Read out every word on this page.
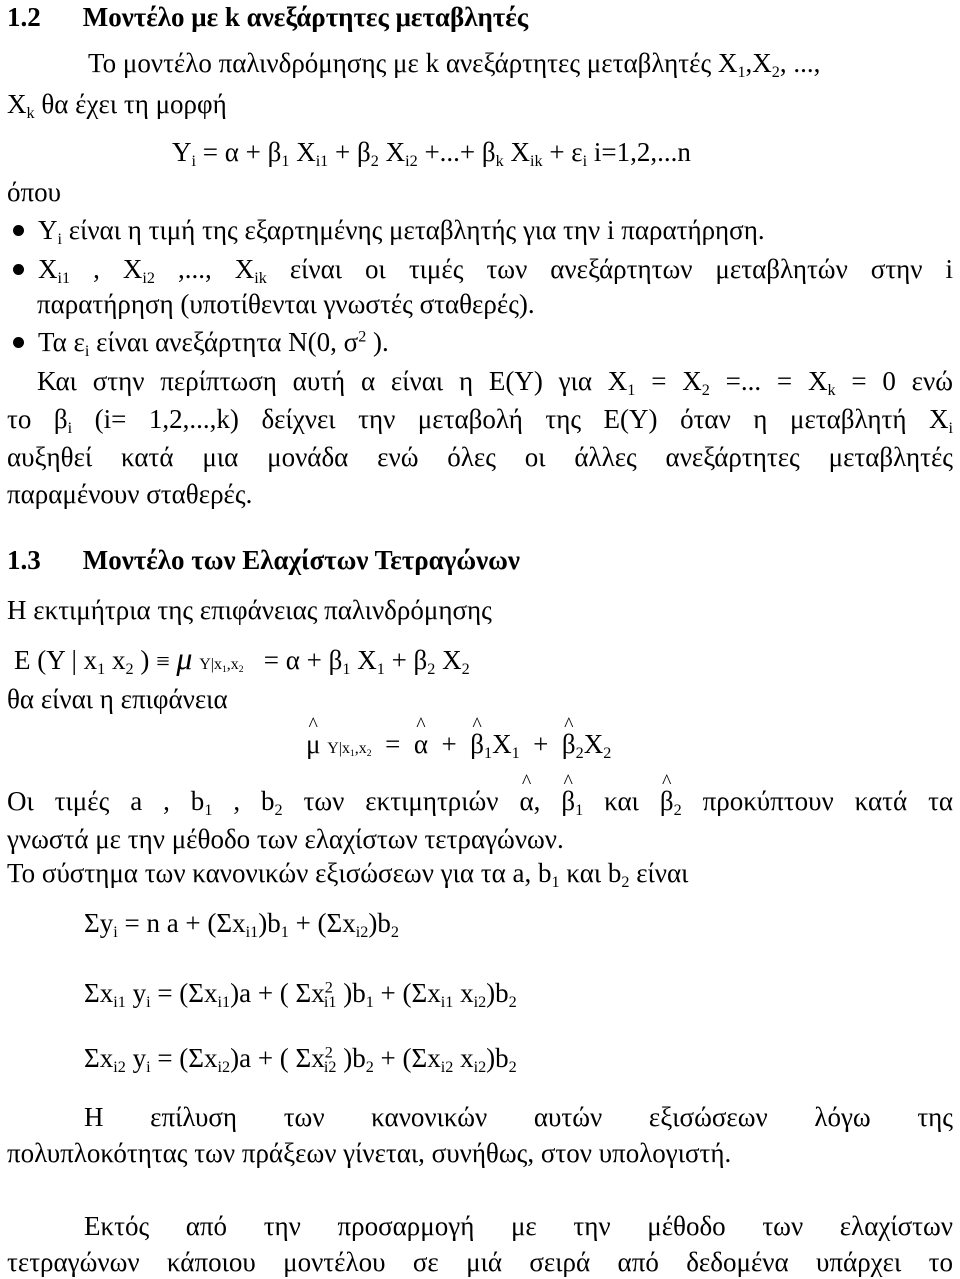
1.2 Μοντέλο με k ανεξάρτητες μεταβλητές
Το μοντέλο παλινδρόμησης με k ανεξάρτητες μεταβλητές $X_1,X_2$, ...,
$X_k$ θα έχει τη μορφή
$Y_i = \alpha + \beta_1$ $X_{i1} + \beta_2$ $X_{i2}$ +...+ $\beta_k$ $X_{ik} + \varepsilon_i$ i=1,2,...n
όπου
$Y_i$ είναι η τιμή της εξαρτημένης μεταβλητής για την i παρατήρηση.
$X_{i1}$ , $X_{i2}$ ,..., $X_{ik}$ είναι οι τιμές των ανεξάρτητων μεταβλητών στην i
παρατήρηση (υποτίθενται γνωστές σταθερές).
Τα $\varepsilon_i$ είναι ανεξάρτητα Ν(0, $\sigma^2$ ).
Και στην περίπτωση αυτή α είναι η Ε(Υ) για $X_1 = X_2$ =... = $X_k = 0$ ενώ
το $\beta_i$ (i= 1,2,...,k) δείχνει την μεταβολή της Ε(Υ) όταν η μεταβλητή $X_i$
αυξηθεί κατά μια μονάδα ενώ όλες οι άλλες ανεξάρτητες μεταβλητές
παραμένουν σταθερές.
1.3 Μοντέλο των Ελαχίστων Τετραγώνων
Η εκτιμήτρια της επιφάνειας παλινδρόμησης
E (Y | $x_1$ $x_2$ ) ≡ μ $Y|x_1,x_2 = \alpha + \beta_1$ $X_1 + \beta_2$ $X_2$
θα είναι η επιφάνεια
^ μ $Y|x_1,x_2$  =  ^ α  +  ^ $\beta_1X_1$  +  ^ $\beta_2X_2$
Οι τιμές a , $b_1$ , $b_2$ των εκτιμητριών ^ α, ^ $\beta_1$ και ^ $\beta_2$ προκύπτουν κατά τα
γνωστά με την μέθοδο των ελαχίστων τετραγώνων.
Το σύστημα των κανονικών εξισώσεων για τα a, $b_1$ και $b_2$ είναι
$\Sigma y_i = n$ $a + (\Sigma x_{i1})b_1 + (\Sigma x_{i2})b_2$
$\Sigma x_{i1}$ $y_i = (\Sigma x_{i1})a$ + ( $\Sigma x^2_{i1}$ )$b_1 + (\Sigma x_{i1}$ $x_{i2})b_2$
$\Sigma x_{i2}$ $y_i = (\Sigma x_{i2})a$ + ( $\Sigma x^2_{i2}$ )$b_2 + (\Sigma x_{i2}$ $x_{i2})b_2$
Η επίλυση των κανονικών αυτών εξισώσεων λόγω της
πολυπλοκότητας των πράξεων γίνεται, συνήθως, στον υπολογιστή.
Εκτός από την προσαρμογή με την μέθοδο των ελαχίστων
τετραγώνων κάποιου μοντέλου σε μιά σειρά από δεδομένα υπάρχει το
